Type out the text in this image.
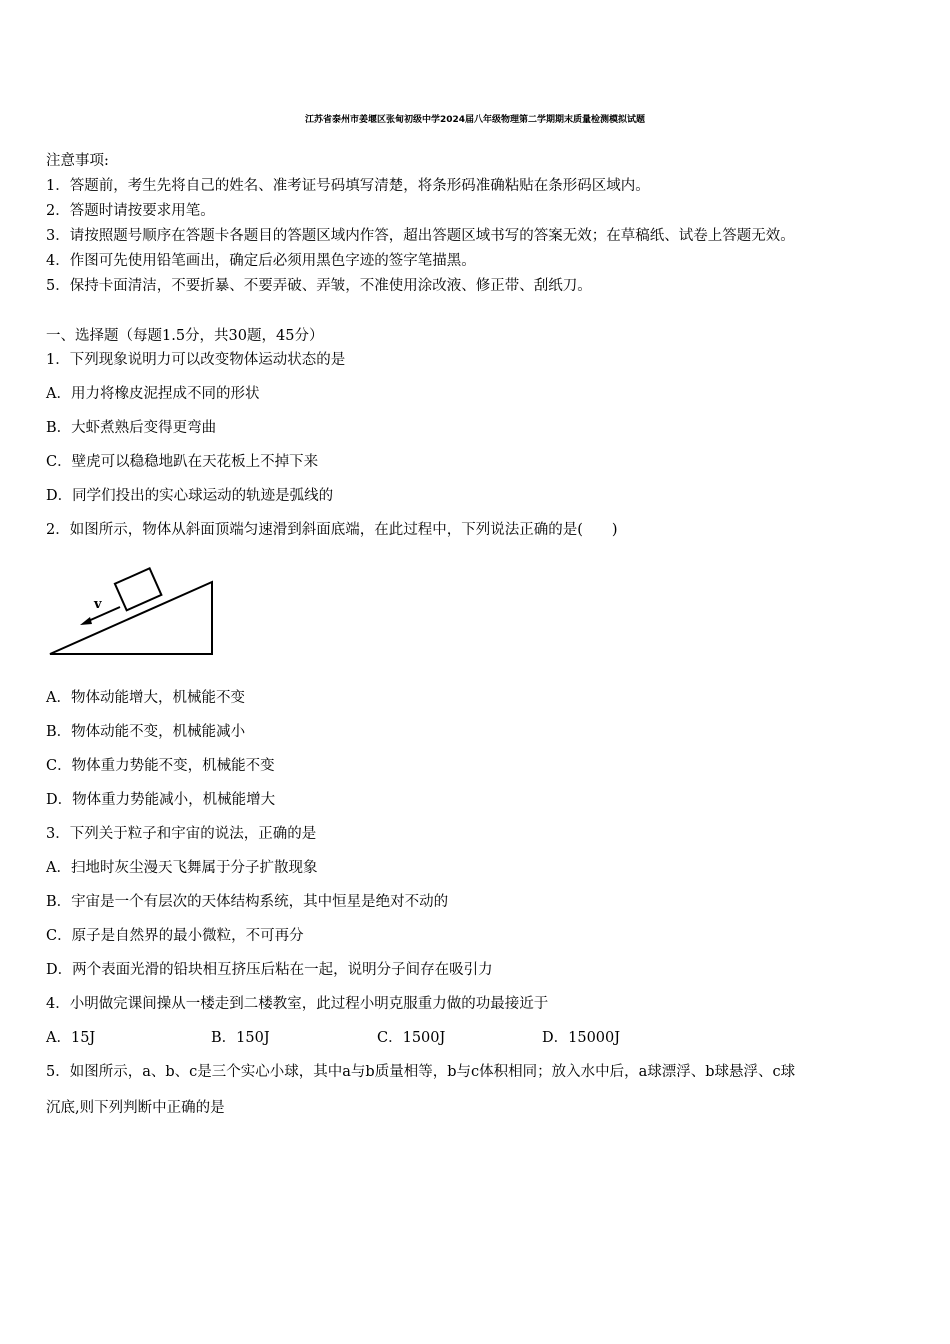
江苏省泰州市姜堰区张甸初级中学2024届八年级物理第二学期期末质量检测模拟试题
注意事项:
1．答题前，考生先将自己的姓名、准考证号码填写清楚，将条形码准确粘贴在条形码区域内。
2．答题时请按要求用笔。
3．请按照题号顺序在答题卡各题目的答题区域内作答，超出答题区域书写的答案无效；在草稿纸、试卷上答题无效。
4．作图可先使用铅笔画出，确定后必须用黑色字迹的签字笔描黑。
5．保持卡面清洁，不要折暴、不要弄破、弄皱，不准使用涂改液、修正带、刮纸刀。
一、选择题（每题1.5分，共30题，45分）
1．下列现象说明力可以改变物体运动状态的是
A．用力将橡皮泥捏成不同的形状
B．大虾煮熟后变得更弯曲
C．壁虎可以稳稳地趴在天花板上不掉下来
D．同学们投出的实心球运动的轨迹是弧线的
2．如图所示，物体从斜面顶端匀速滑到斜面底端，在此过程中，下列说法正确的是(　　)
v
A．物体动能增大，机械能不变
B．物体动能不变，机械能减小
C．物体重力势能不变，机械能不变
D．物体重力势能减小，机械能增大
3．下列关于粒子和宇宙的说法，正确的是
A．扫地时灰尘漫天飞舞属于分子扩散现象
B．宇宙是一个有层次的天体结构系统，其中恒星是绝对不动的
C．原子是自然界的最小微粒，不可再分
D．两个表面光滑的铅块相互挤压后粘在一起，说明分子间存在吸引力
4．小明做完课间操从一楼走到二楼教室，此过程小明克服重力做的功最接近于
A．15J	B．150J	C．1500J	D．15000J
5．如图所示，a、b、c是三个实心小球，其中a与b质量相等，b与c体积相同；放入水中后，a球漂浮、b球悬浮、c球
沉底,则下列判断中正确的是
